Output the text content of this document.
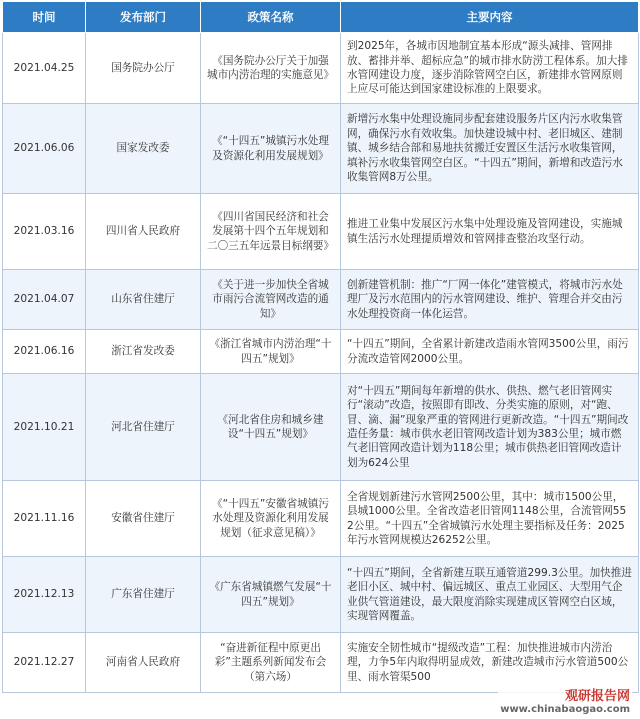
时间	发布部门	政策名称	主要内容
2021.04.25	国务院办公厅	《国务院办公厅关于加强城市内涝治理的实施意见》	到2025年，各城市因地制宜基本形成“源头减排、管网排放、蓄排并举、超标应急”的城市排水防涝工程体系。加大排水管网建设力度，逐步消除管网空白区，新建排水管网原则上应尽可能达到国家建设标准的上限要求。
2021.06.06	国家发改委	《“十四五”城镇污水处理及资源化利用发展规划》	新增污水集中处理设施同步配套建设服务片区内污水收集管网，确保污水有效收集。加快建设城中村、老旧城区、建制镇、城乡结合部和易地扶贫搬迁安置区生活污水收集管网，填补污水收集管网空白区。“十四五”期间，新增和改造污水收集管网8万公里。
2021.03.16	四川省人民政府	《四川省国民经济和社会发展第十四个五年规划和二〇三五年远景目标纲要》	推进工业集中发展区污水集中处理设施及管网建设，实施城镇生活污水处理提质增效和管网排查整治攻坚行动。
2021.04.07	山东省住建厅	《关于进一步加快全省城市雨污合流管网改造的通知》	创新建管机制：推广“厂网一体化”建管模式，将城市污水处理厂及污水范围内的污水管网建设、维护、管理合并交由污水处理投资商一体化运营。
2021.06.16	浙江省发改委	《浙江省城市内涝治理“十四五”规划》	“十四五”期间，全省累计新建改造雨水管网3500公里，雨污分流改造管网2000公里。
2021.10.21	河北省住建厅	《河北省住房和城乡建设“十四五”规划》	对“十四五”期间每年新增的供水、供热、燃气老旧管网实行“滚动”改造，按照即有即改、分类实施的原则，对“跑、冒、滴、漏”现象严重的管网进行更新改造。“十四五”期间改造任务量：城市供水老旧管网改造计划为383公里；城市燃气老旧管网改造计划为118公里；城市供热老旧管网改造计划为624公里
2021.11.16	安徽省住建厅	《“十四五”安徽省城镇污水处理及资源化利用发展规划（征求意见稿）》	全省规划新建污水管网2500公里，其中：城市1500公里，县城1000公里。全省改造老旧管网1148公里，合流管网552公里。“十四五”全省城镇污水处理主要指标及任务：2025年污水管网规模达26252公里。
2021.12.13	广东省住建厅	《广东省城镇燃气发展“十四五”规划》	“十四五”期间，全省新建互联互通管道299.3公里。加快推进老旧小区、城中村、偏远城区、重点工业园区、大型用气企业供气管道建设，最大限度消除实现建成区管网空白区域，实现管网覆盖。
2021.12.27	河南省人民政府	“奋进新征程中原更出彩”主题系列新闻发布会（第六场）	实施安全韧性城市“提级改造”工程：加快推进城市内涝治理，力争5年内取得明显成效，新建改造城市污水管道500公里、雨水管渠500
观研报告网
www.chinabaogao.com
